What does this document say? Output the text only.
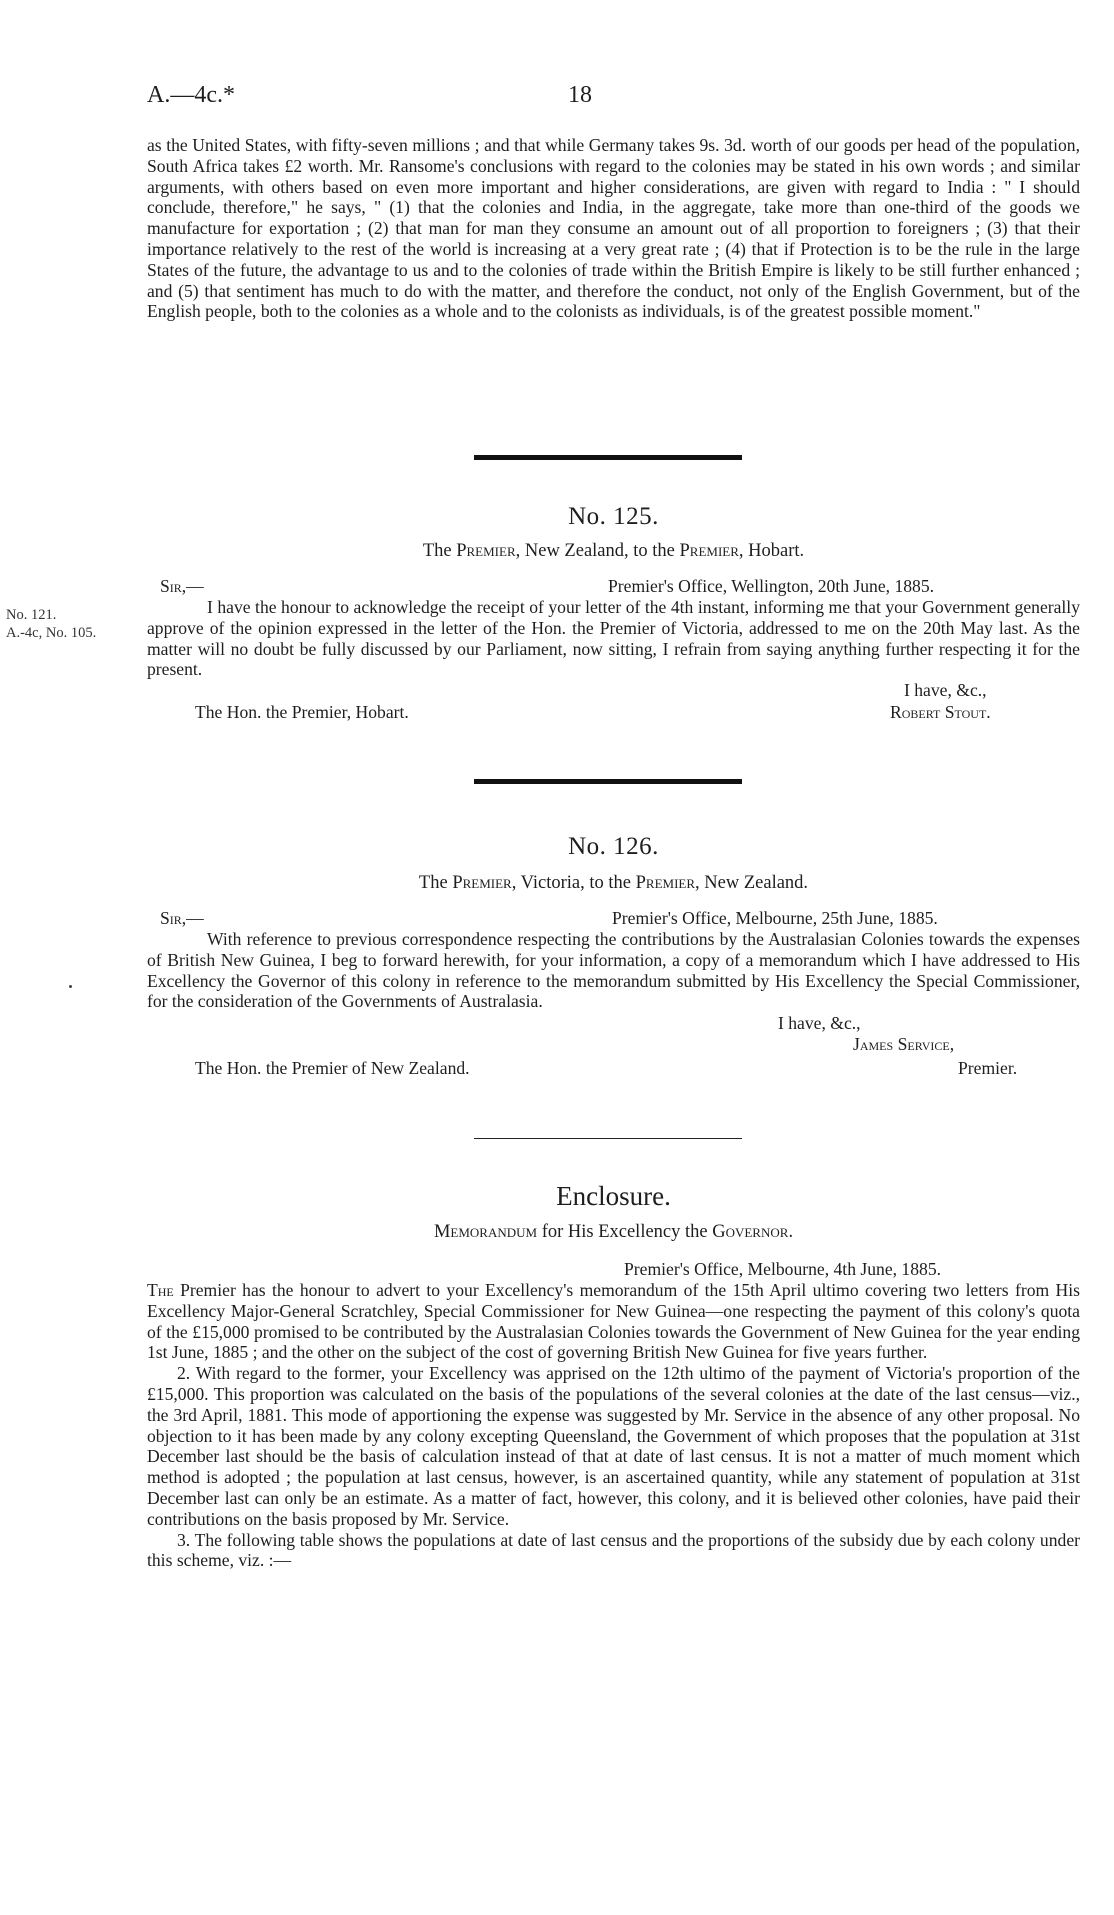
A.—4c.*	18

as the United States, with fifty-seven millions ; and that while Germany takes 9s. 3d. worth of our goods per head of the population, South Africa takes £2 worth. Mr. Ransome's conclusions with regard to the colonies may be stated in his own words ; and similar arguments, with others based on even more important and higher considerations, are given with regard to India : " I should conclude, therefore," he says, " (1) that the colonies and India, in the aggregate, take more than one-third of the goods we manufacture for exportation ; (2) that man for man they consume an amount out of all proportion to foreigners ; (3) that their importance relatively to the rest of the world is increasing at a very great rate ; (4) that if Protection is to be the rule in the large States of the future, the advantage to us and to the colonies of trade within the British Empire is likely to be still further enhanced ; and (5) that sentiment has much to do with the matter, and therefore the conduct, not only of the English Government, but of the English people, both to the colonies as a whole and to the colonists as individuals, is of the greatest possible moment."

No. 125.
The Premier, New Zealand, to the Premier, Hobart.
Sir,—	Premier's Office, Wellington, 20th June, 1885.
No. 121.
A.-4c, No. 105.

I have the honour to acknowledge the receipt of your letter of the 4th instant, informing me that your Government generally approve of the opinion expressed in the letter of the Hon. the Premier of Victoria, addressed to me on the 20th May last. As the matter will no doubt be fully discussed by our Parliament, now sitting, I refrain from saying anything further respecting it for the present.

I have, &c.,
The Hon. the Premier, Hobart.	Robert Stout.
No. 126.
The Premier, Victoria, to the Premier, New Zealand.
Sir,—	Premier's Office, Melbourne, 25th June, 1885.

With reference to previous correspondence respecting the contributions by the Australasian Colonies towards the expenses of British New Guinea, I beg to forward herewith, for your information, a copy of a memorandum which I have addressed to His Excellency the Governor of this colony in reference to the memorandum submitted by His Excellency the Special Commissioner, for the consideration of the Governments of Australasia.

I have, &c.,
James Service,
The Hon. the Premier of New Zealand.	Premier.
Enclosure.
Memorandum for His Excellency the Governor.
Premier's Office, Melbourne, 4th June, 1885.

The Premier has the honour to advert to your Excellency's memorandum of the 15th April ultimo covering two letters from His Excellency Major-General Scratchley, Special Commissioner for New Guinea—one respecting the payment of this colony's quota of the £15,000 promised to be contributed by the Australasian Colonies towards the Government of New Guinea for the year ending 1st June, 1885 ; and the other on the subject of the cost of governing British New Guinea for five years further.

2. With regard to the former, your Excellency was apprised on the 12th ultimo of the payment of Victoria's proportion of the £15,000. This proportion was calculated on the basis of the populations of the several colonies at the date of the last census—viz., the 3rd April, 1881. This mode of apportioning the expense was suggested by Mr. Service in the absence of any other proposal. No objection to it has been made by any colony excepting Queensland, the Government of which proposes that the population at 31st December last should be the basis of calculation instead of that at date of last census. It is not a matter of much moment which method is adopted ; the population at last census, however, is an ascertained quantity, while any statement of population at 31st December last can only be an estimate. As a matter of fact, however, this colony, and it is believed other colonies, have paid their contributions on the basis proposed by Mr. Service.

3. The following table shows the populations at date of last census and the proportions of the subsidy due by each colony under this scheme, viz. :—
